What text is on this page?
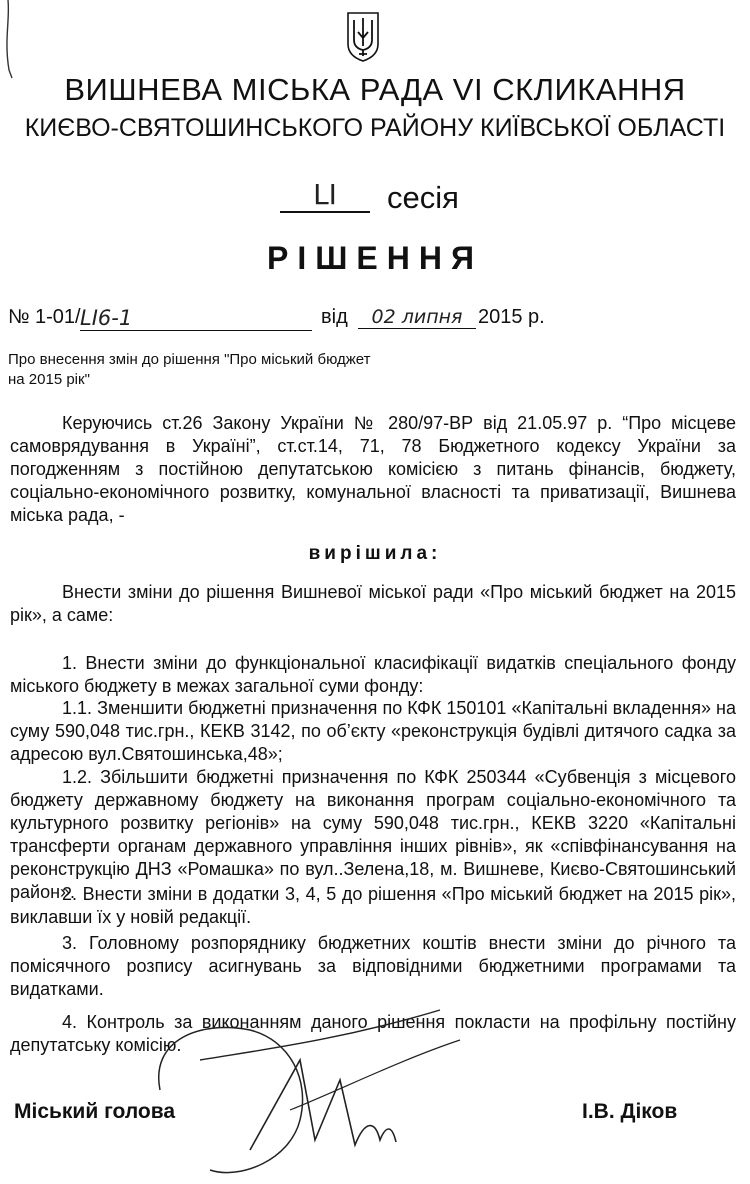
ВИШНЕВА МІСЬКА РАДА VI СКЛИКАННЯ
КИЄВО-СВЯТОШИНСЬКОГО РАЙОНУ КИЇВСЬКОЇ ОБЛАСТІ
LI	сесія
РІШЕННЯ
№ 1-01/ LI6-1	від	02 липня 2015 р.
Про внесення змін до рішення "Про міський бюджет на 2015 рік"
Керуючись ст.26 Закону України № 280/97-ВР від 21.05.97 р. “Про місцеве самоврядування в Україні”, ст.ст.14, 71, 78 Бюджетного кодексу України за погодженням з постійною депутатською комісією з питань фінансів, бюджету, соціально-економічного розвитку, комунальної власності та приватизації, Вишнева міська рада, -
вирішила:
Внести зміни до рішення Вишневої міської ради «Про міський бюджет на 2015 рік», а саме:
1. Внести зміни до функціональної класифікації видатків спеціального фонду міського бюджету в межах загальної суми фонду:
1.1. Зменшити бюджетні призначення по КФК 150101 «Капітальні вкладення» на суму 590,048 тис.грн., КЕКВ 3142, по об’єкту «реконструкція будівлі дитячого садка за адресою вул.Святошинська,48»;
1.2. Збільшити бюджетні призначення по КФК 250344 «Субвенція з місцевого бюджету державному бюджету на виконання програм соціально-економічного та культурного розвитку регіонів» на суму 590,048 тис.грн., КЕКВ 3220 «Капітальні трансферти органам державного управління інших рівнів», як «співфінансування на реконструкцію ДНЗ «Ромашка» по вул..Зелена,18, м. Вишневе, Києво-Святошинський район».
2. Внести зміни в додатки 3, 4, 5 до рішення «Про міський бюджет на 2015 рік», виклавши їх у новій редакції.
3. Головному розпоряднику бюджетних коштів внести зміни до річного та помісячного розпису асигнувань за відповідними бюджетними програмами та видатками.
4. Контроль за виконанням даного рішення покласти на профільну постійну депутатську комісію.
Міський голова	І.В. Діков
